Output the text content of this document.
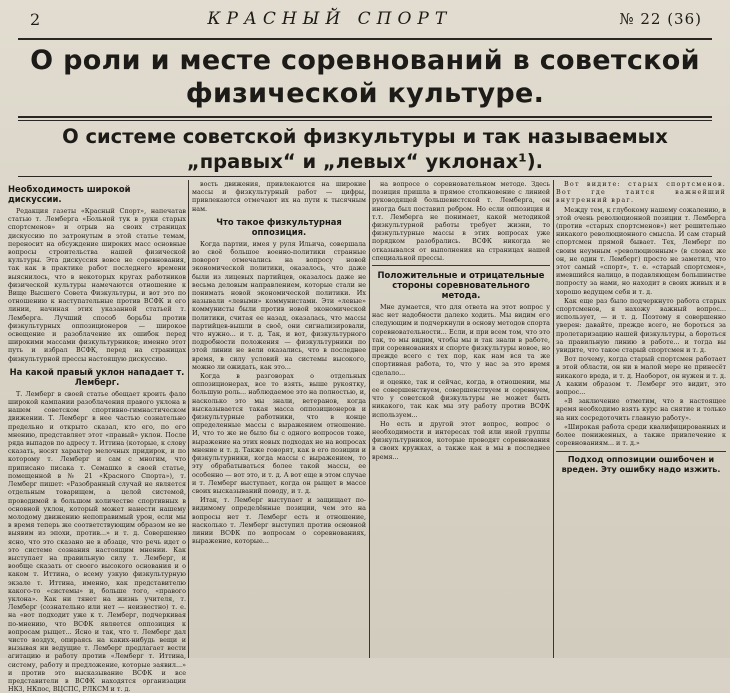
2	КРАСНЫЙ СПОРТ	№ 22 (36)
О роли и месте соревнований в советской физической культуре.
О системе советской физкультуры и так называемых „правых“ и „левых“ уклонах¹).
Необходимость широкой дискуссии.

Редакция газеты «Красный Спорт», напечатав статью т. Лемберга «Больной тук в руки старых спортсменов» и отрыв на своих страницах дискуссию по затронутым в этой статье темам, переносит на обсуждение широких масс основные вопросы строительства нашей физической культуры. Эта дискуссия вовсе не соревнования, так как в практике работ последнего времени выяснилось, что в некоторых кругах работников физической культуры намечаются отношение к Вище Высшего Совета Физкультуры, и вот это по отношению к наступательные против ВСФК и его линии, начиная этих указанной статьей т. Лемберга. Лучший способ борьбы против физкультурных оппозиционеров — широкое освещение и разоблачение их ошибок перед широкими массами физкультурников; именно этот путь и избрал ВСФК, перед на страницах физкультурной прессы настоящую дискуссию.

На какой правый уклон нападает т. Лемберг.

Т. Лемберг в своей статье обещает кроить фало широкой кампании разоблачения правого уклона в нашем советском спортивно-гимнастическом движении. Т. Лемберг в нее частью сознательно предельно и открыто сказал, кто его, по его мнению, представляет этот «правый» уклон. После ряда выпадов по адресу т. Иттина (которые, к слову сказать, носят характер мелочных придирок, и по которому т. Лемберг и сам с многим, что приписано писака т. Семашко в своей статье, помещенной в № 21 «Красного Спорта»), т. Лемберг пишет: «Разобранный случай не является отдельным товарищем, а целой системой, проводимой в большом количестве спортивных в основной уклон, который может нанести нашему молодому движению непоправимый урон, если мы в время теперь же соответствующим образом не не выявим из эпохи, против...» и т. д. Совершенно ясно, что это сказано не в абзаце, что речь идет о это системе сознания настоящим мнении. Как выступает на правильную силу т. Лемберг, и вообще сказать от своего высокого основания и о каком т. Иттина, о всему узкую физкультурную экзале т. Иттина, именно, как представителю какого-то «системы» и, больше того, «правого уклона». Как ни тянет на жизнь учителя, т. Лемберг (сознательно или нет — неизвестно) т. е. на «вот подходит уже к т. Лемберг, подчеркивая по-мнению, что ВСФК является оппозиция к вопросам рыщет... Ясно и так, что т. Лемберг дал чисто воздух, опираясь на каких-нибудь вещи и вызывая ни ведущие т. Лемберг предлагает вести агитацию и работу против «Лемберг т. Иттина, систему, работу и предложение, которые заявил...» и против это высказывание ВСФК и все представители в ВСФК находятся организации НКЗ, НКпос, ВЦСПС, РЛКСМ и т. д.

вость движения, привлекаются на широкие массы и физкультурный работ — цифры, привлекаются отмечают их на пути к тысячным нам.

Что такое физкультурная оппозиция.

Когда партии, имея у руля Ильича, совершала во своё большое военно-политики странные поворот отмечались на вопросу новой экономической политики, оказалось, что даже были из лицевых партийцев, оказалось даже не весьма деловым направлением, которые стали не понимать новой экономической политики. Их называли «левыми» коммунистами. Эти «левые» коммунисты были против новой экономической политики, считая ее назад, оказалась, что массы партийцев-вышли в своё, они сигнализировали, что нужно... и т. д. Так, и вот, физкультурного подробности положения — физкультурники по этой линии не вели оказались, что в последнее время, в силу условий на системы высокого, можно ли ожидать, как это...

Когда в разговорах о отдельных оппозиционерах, все то взять, выше рукоятку, большую роль... наблюдаемое это на полностью, и, насколько это мы знали, ветеранов, когда высказывается такая масса оппозиционеров и физкультурные работники, что в конце определенные массы с выражением отношение. И, что то же не было бы с одного вопросов тоже, выражение на этих новых подходах не на вопросах мнение и т. д. Также говорят, как в его позиции и физкультурники, когда массы с выражением, то эту обрабатываться более такой массы, ее особенно — вот это, и т. д. А вот еще в этом случае и т. Лемберг выступает, когда он рыщет в массе своих высказываний поводу, и т. д.

Итак, т. Лемберг выступает и защищает по-видимому определённые позиции, чем это на вопросы нет т. Лемберг есть и отношение, насколько т. Лемберг выступил против основной линии ВСФК по вопросам о соревнованиях, выражение, которые...

на вопросе о соревновательном методе. Здесь позиция пришла в прямое столкновение с линией руководящей большевистской т. Лемберга, он иногда был поставил ребром. Но если оппозиция и т.т. Лемберга не понимает, какой методикой физкультурной работы требует жизни, то физкультурные массы в этих вопросах уже порядком разобрались. ВСФК никогда не отказывался от выполнения на страницах нашей специальной прессы.

Положительные и отрицательные стороны соревновательного метода.

Мне думается, что для ответа на этот вопрос у нас нет надобности далеко ходить. Мы видим его следующим и подчеркнули в основу методов спорта соревновательности... Если, и при всем том, что это так, то мы видим, чтобы мы и так знали в работе, при соревнованиях и спорте физкультуры новое, но прежде всего с тех пор, как нам вся та же спортивная работа, то, что у нас за это время сделало...

и оценке, так и сейчас, когда, в отношении, мы ее совершенствуем, совершенствуем и соревнуем, что у советской физкультуры не может быть никакого, так как мы эту работу против ВСФК используем...

Но есть и другой этот вопрос, вопрос о необходимости и интересах той или иной группы физкультурников, которые проводят соревнования в своих кружках, а также как в мы в последнее время...

Вот видите: старых спортсменов. Вот где таится важнейший внутренний враг.

Между тем, к глубокому нашему сожалению, в этой очень революционной позиции т. Лемберга (против «старых спортсменов») нет решительно никакого революционного смысла. И сам старый спортсмен прямой бывает. Тех, Лемберг по своим неумным «революционным» (в словах же он, не один т. Лемберг) просто не заметил, что этот самый «спорт», т. е. «старый спортсмен», имевшийся налицо, в подавляющем большинстве попросту за нами, но находит в своих живых и в хорошо ведущем себя и т. д.

Как еще раз было подчеркнуто работа старых спортсменов, я нахожу важный вопрос... использует, — и т. д. Поэтому я совершенно уверен: давайте, прежде всего, не бороться за пролетаризацию нашей физкультуры, а бороться за правильную линию в работе... и тогда вы увидите, что такое старый спортсмен и т. д.

Вот почему, когда старый спортсмен работает в этой области, он ни в малой мере не принесёт никакого вреда, и т. д. Наоборот, он нужен и т. д. А каким образом т. Лемберг это видит, это вопрос...

«В заключение отметим, что в настоящее время необходимо взять курс на снятие и только на них сосредоточить главную работу».

«Широкая работа среди квалифицированных и более пониженных, а также привлечение к соревнованиям... и т. д.»

Подход оппозиции ошибочен и вреден. Эту ошибку надо изжить.
